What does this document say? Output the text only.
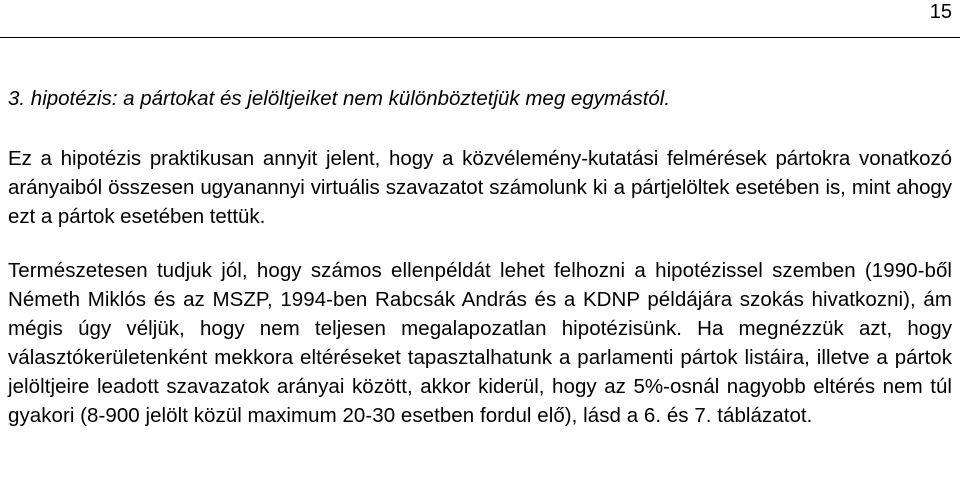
15
3. hipotézis: a pártokat és jelöltjeiket nem különböztetjük meg egymástól.

Ez a hipotézis praktikusan annyit jelent, hogy a közvélemény-kutatási felmérések pártokra vonatkozó arányaiból összesen ugyanannyi virtuális szavazatot számolunk ki a pártjelöltek esetében is, mint ahogy ezt a pártok esetében tettük.

Természetesen tudjuk jól, hogy számos ellenpéldát lehet felhozni a hipotézissel szemben (1990-ből Németh Miklós és az MSZP, 1994-ben Rabcsák András és a KDNP példájára szokás hivatkozni), ám mégis úgy véljük, hogy nem teljesen megalapozatlan hipotézisünk. Ha megnézzük azt, hogy választókerületenként mekkora eltéréseket tapasztalhatunk a parlamenti pártok listáira, illetve a pártok jelöltjeire leadott szavazatok arányai között, akkor kiderül, hogy az 5%-osnál nagyobb eltérés nem túl gyakori (8-900 jelölt közül maximum 20-30 esetben fordul elő), lásd a 6. és 7. táblázatot.
